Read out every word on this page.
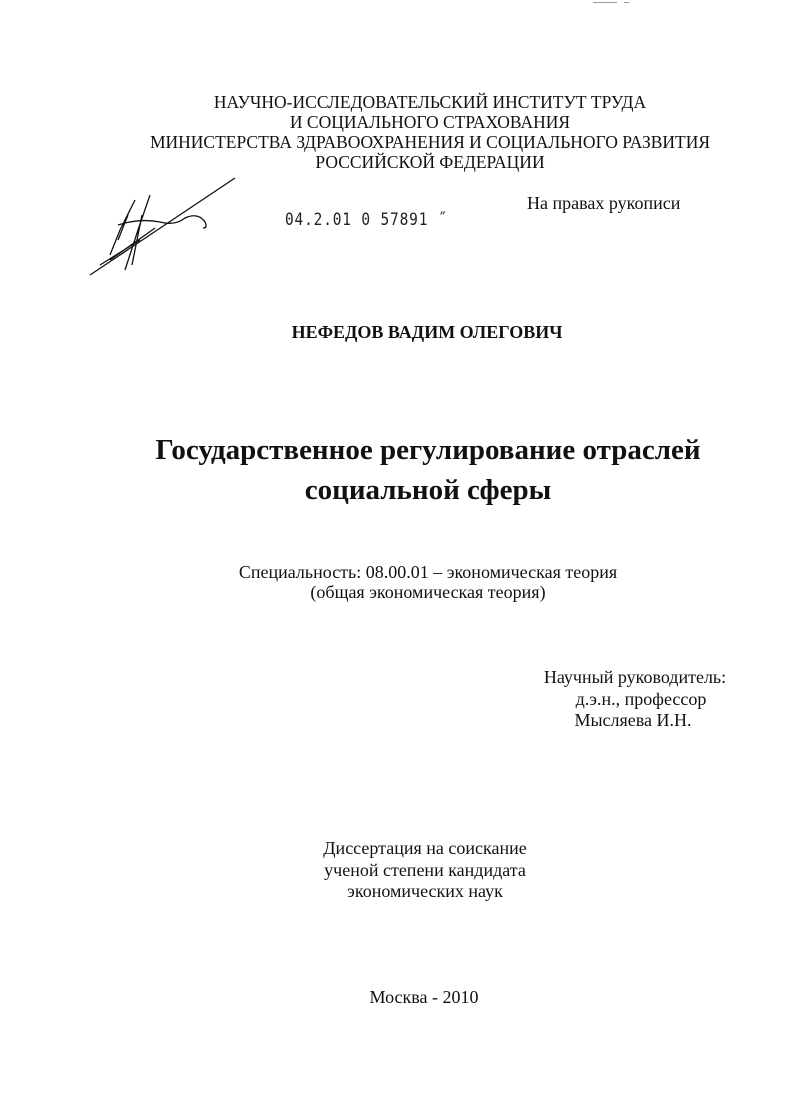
НАУЧНО-ИССЛЕДОВАТЕЛЬСКИЙ ИНСТИТУТ ТРУДА
И СОЦИАЛЬНОГО СТРАХОВАНИЯ
МИНИСТЕРСТВА ЗДРАВООХРАНЕНИЯ И СОЦИАЛЬНОГО РАЗВИТИЯ
РОССИЙСКОЙ ФЕДЕРАЦИИ
04.2.01 0 57891 ˝
На правах рукописи
НЕФЕДОВ ВАДИМ ОЛЕГОВИЧ
Государственное регулирование отраслей
социальной сферы
Специальность: 08.00.01 – экономическая теория
(общая экономическая теория)
Научный руководитель:
д.э.н., профессор
Мысляева И.Н.
Диссертация на соискание
ученой степени кандидата
экономических наук
Москва - 2010
